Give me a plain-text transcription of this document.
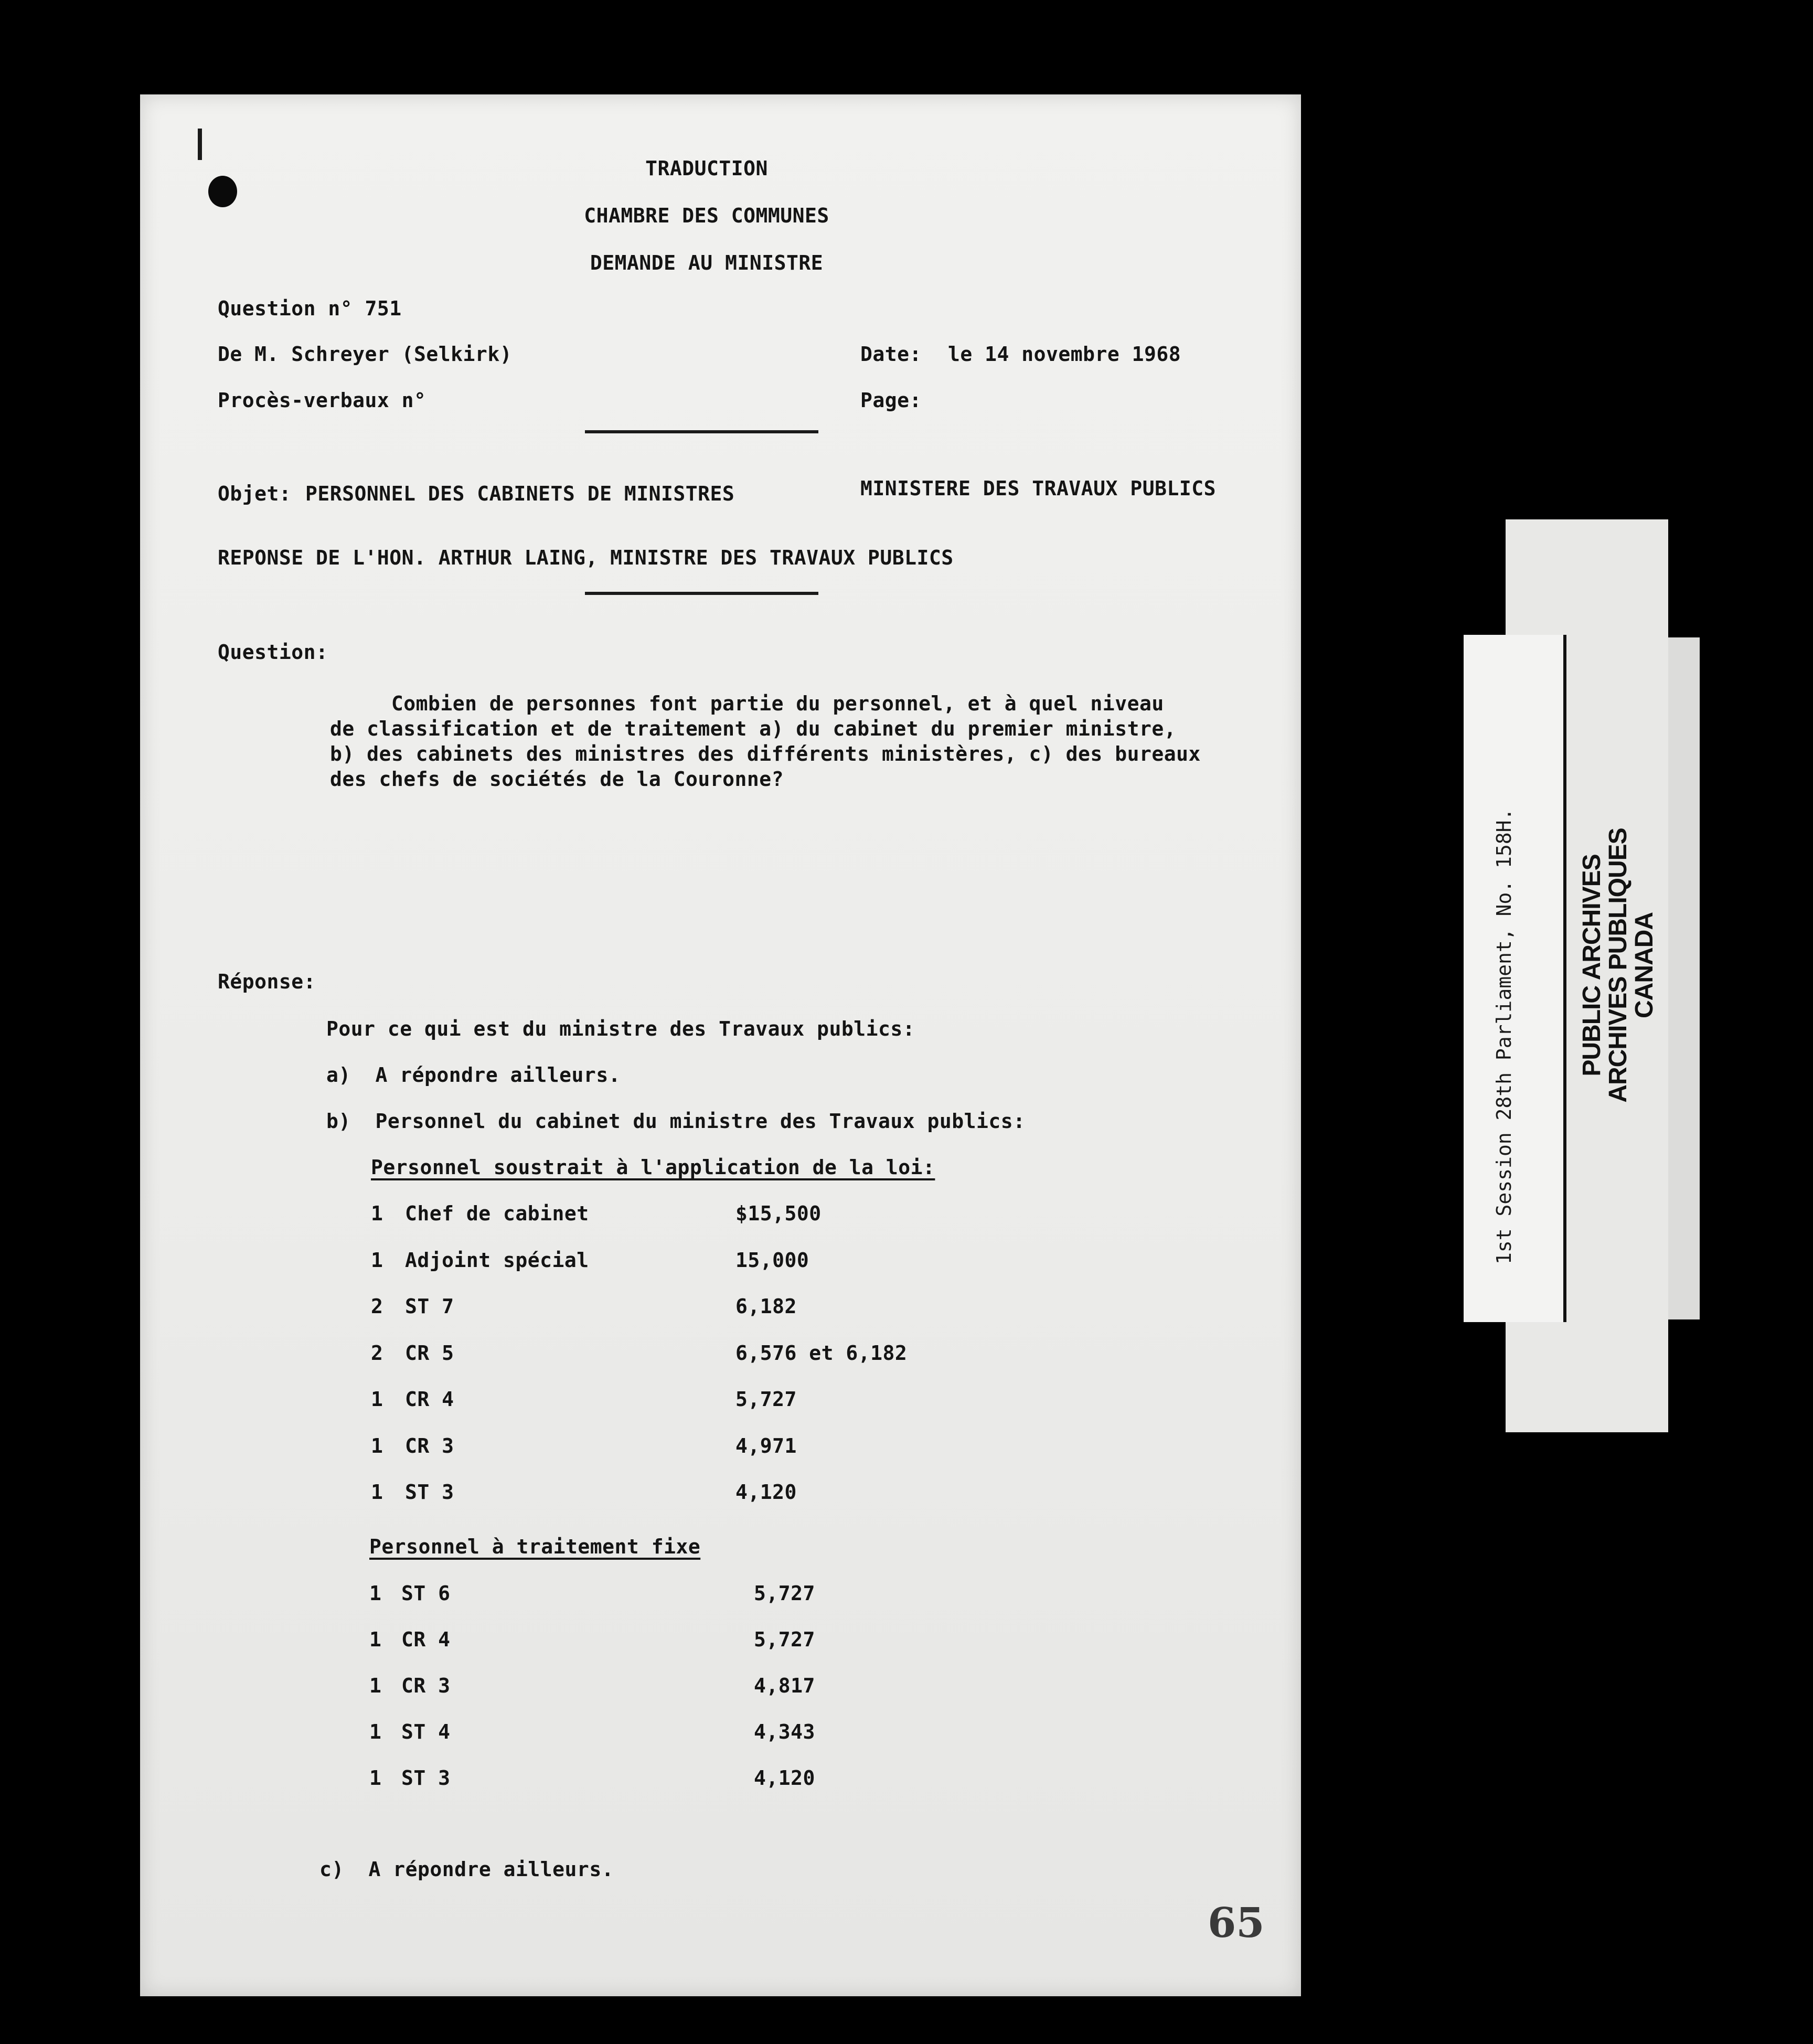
TRADUCTION
CHAMBRE DES COMMUNES
DEMANDE AU MINISTRE
Question n° 751
De M. Schreyer (Selkirk)
Procès-verbaux n°
Date: le 14 novembre 1968
Page:
Objet: PERSONNEL DES CABINETS DE MINISTRES	MINISTERE DES TRAVAUX PUBLICS
REPONSE DE L'HON. ARTHUR LAING, MINISTRE DES TRAVAUX PUBLICS
Question:
Combien de personnes font partie du personnel, et à quel niveau
de classification et de traitement a) du cabinet du premier ministre,
b) des cabinets des ministres des différents ministères, c) des bureaux
des chefs de sociétés de la Couronne?
Réponse:
Pour ce qui est du ministre des Travaux publics:
a)  A répondre ailleurs.
b)  Personnel du cabinet du ministre des Travaux publics:
Personnel soustrait à l'application de la loi:
1 Chef de cabinet	$15,500
1 Adjoint spécial	15,000
2 ST 7	6,182
2 CR 5	6,576 et 6,182
1 CR 4	5,727
1 CR 3	4,971
1 ST 3	4,120
Personnel à traitement fixe
1 ST 6	5,727
1 CR 4	5,727
1 CR 3	4,817
1 ST 4	4,343
1 ST 3	4,120
c)  A répondre ailleurs.
65
1st Session 28th Parliament, No. 158H. PUBLIC ARCHIVES
ARCHIVES PUBLIQUES
CANADA
